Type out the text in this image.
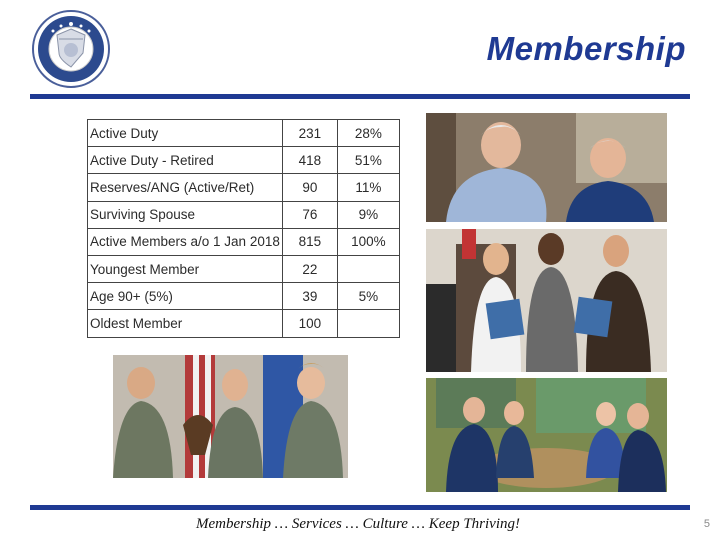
Membership
Active Duty	231	28%
Active Duty - Retired	418	51%
Reserves/ANG (Active/Ret)	90	11%
Surviving Spouse	76	9%
Active Members a/o 1 Jan 2018	815	100%
Youngest Member	22	
Age 90+ (5%)	39	5%
Oldest Member	100	
Membership … Services … Culture … Keep Thriving!	5
